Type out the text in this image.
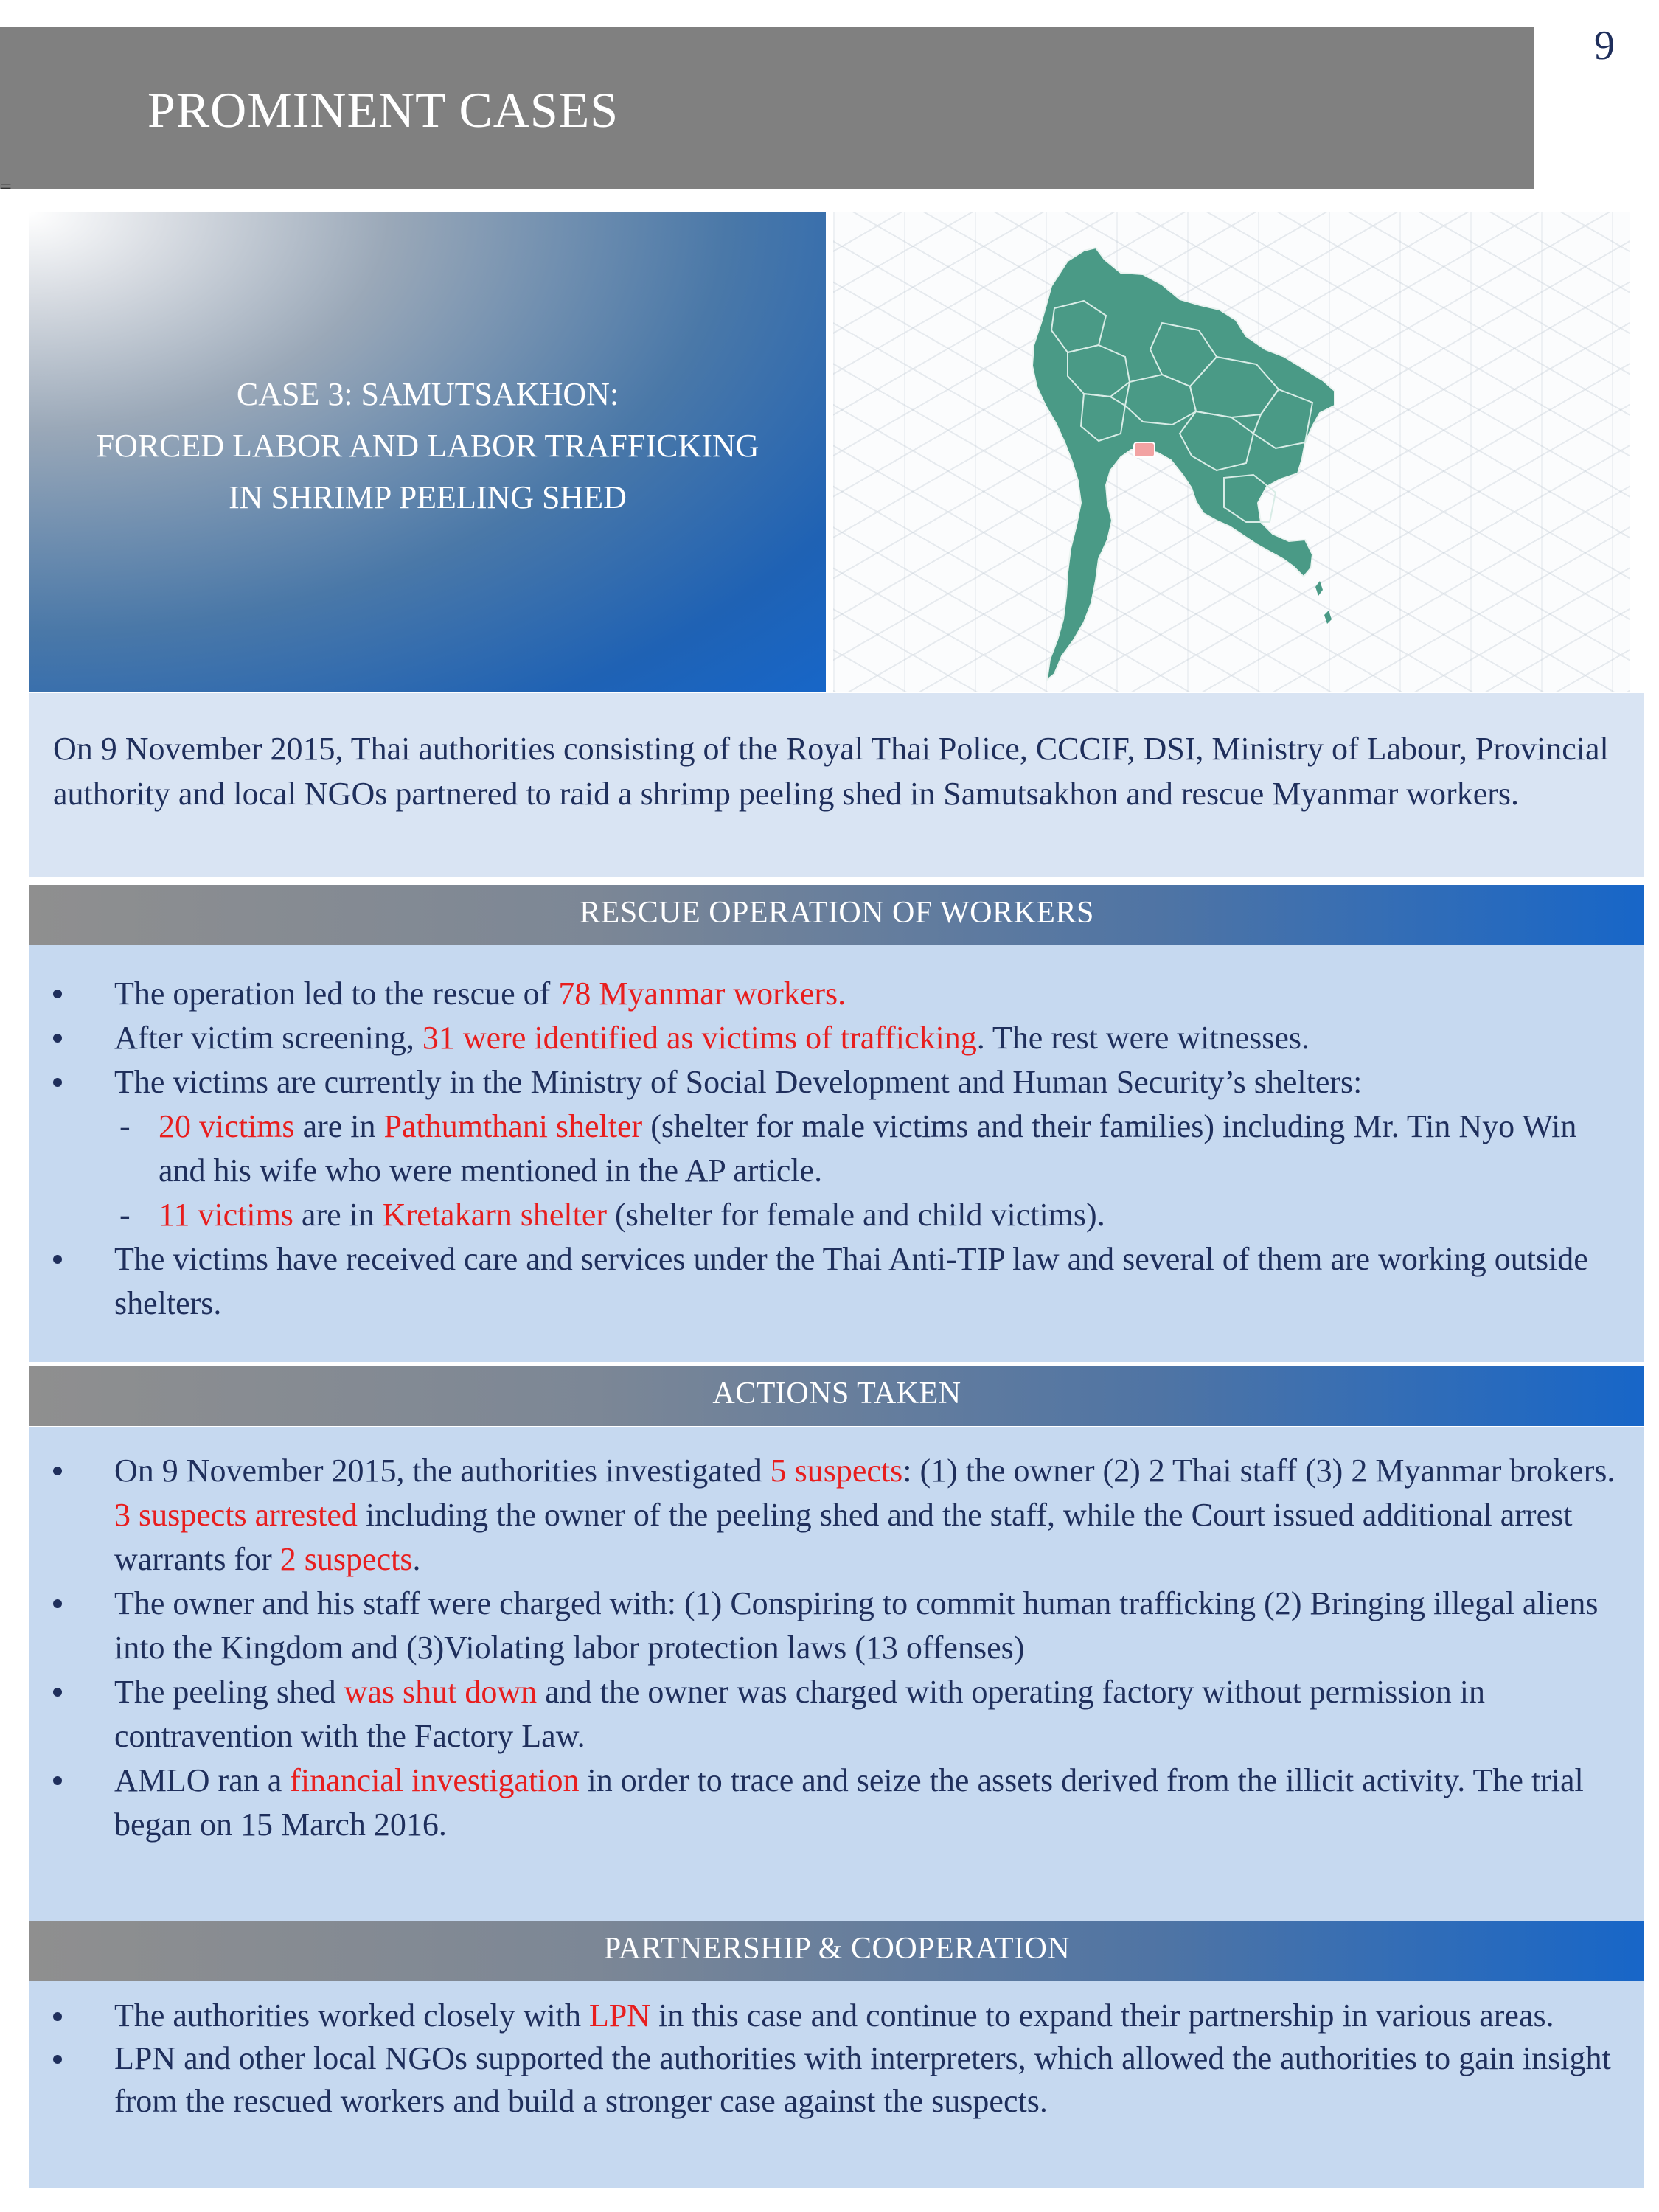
9
PROMINENT CASES
=
CASE 3: SAMUTSAKHON:
FORCED LABOR AND LABOR TRAFFICKING
IN SHRIMP PEELING SHED
On 9 November 2015, Thai authorities consisting of the Royal Thai Police, CCCIF, DSI, Ministry of Labour, Provincial authority and local NGOs partnered to raid a shrimp peeling shed in Samutsakhon and rescue Myanmar workers.
RESCUE OPERATION OF WORKERS
The operation led to the rescue of 78 Myanmar workers.
After victim screening, 31 were identified as victims of trafficking. The rest were witnesses.
The victims are currently in the Ministry of Social Development and Human Security’s shelters:
- 20 victims are in Pathumthani shelter (shelter for male victims and their families) including Mr. Tin Nyo Win and his wife who were mentioned in the AP article.
- 11 victims are in Kretakarn shelter (shelter for female and child victims).
The victims have received care and services under the Thai Anti-TIP law and several of them are working outside shelters.
ACTIONS TAKEN
On 9 November 2015, the authorities investigated 5 suspects: (1) the owner (2) 2 Thai staff (3) 2 Myanmar brokers. 3 suspects arrested including the owner of the peeling shed and the staff, while the Court issued additional arrest warrants for 2 suspects.
The owner and his staff were charged with: (1) Conspiring to commit human trafficking (2) Bringing illegal aliens into the Kingdom and (3)Violating labor protection laws (13 offenses)
The peeling shed was shut down and the owner was charged with operating factory without permission in contravention with the Factory Law.
AMLO ran a financial investigation in order to trace and seize the assets derived from the illicit activity. The trial began on 15 March 2016.
PARTNERSHIP & COOPERATION
The authorities worked closely with LPN in this case and continue to expand their partnership in various areas.
LPN and other local NGOs supported the authorities with interpreters, which allowed the authorities to gain insight from the rescued workers and build a stronger case against the suspects.
